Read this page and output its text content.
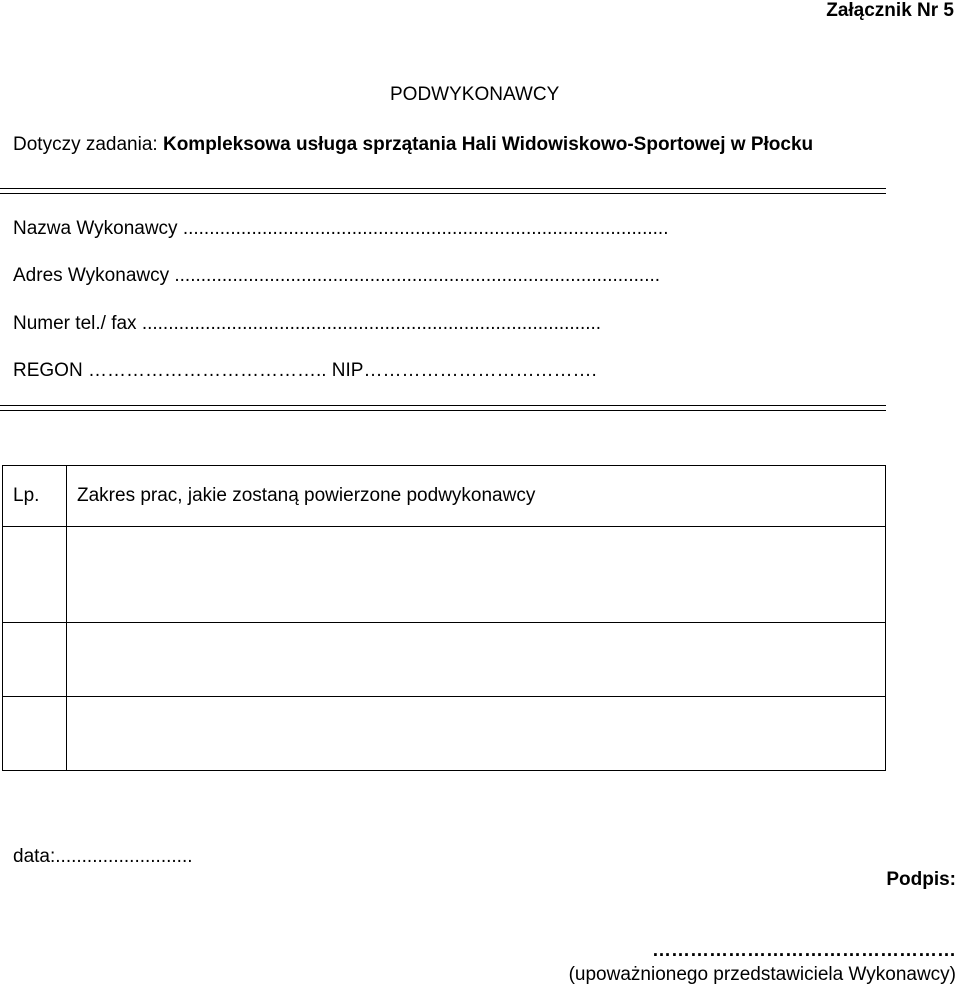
Załącznik Nr 5
PODWYKONAWCY
Dotyczy zadania: Kompleksowa usługa sprzątania Hali Widowiskowo-Sportowej w Płocku
Nazwa Wykonawcy ............................................................................................
Adres Wykonawcy ............................................................................................
Numer tel./ fax .......................................................................................
REGON ……………………………….. NIP……………………………….
Lp.	Zakres prac, jakie zostaną powierzone podwykonawcy

data:..........................
Podpis:
…………………………………………
(upoważnionego przedstawiciela Wykonawcy)
